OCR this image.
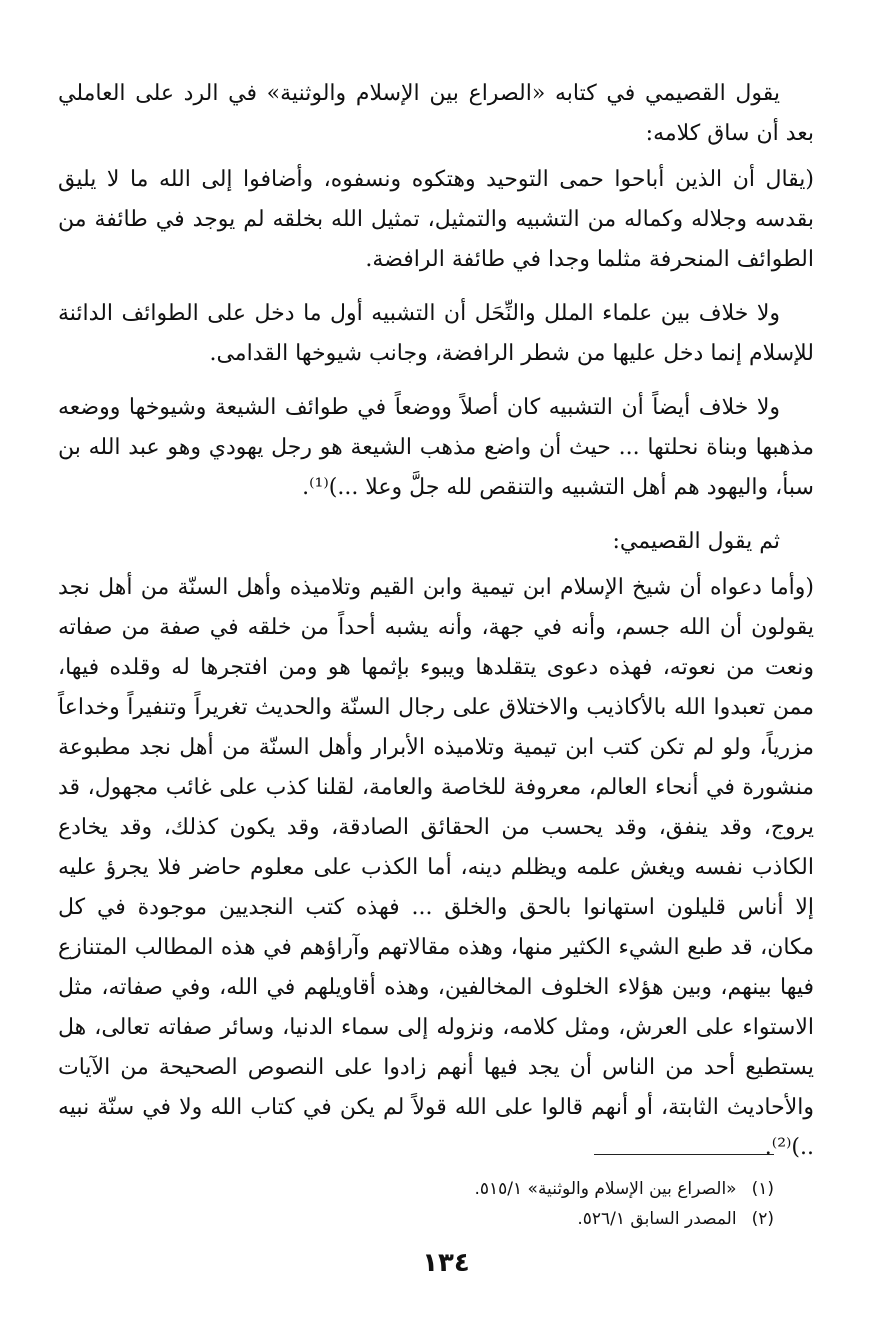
يقول القصيمي في كتابه «الصراع بين الإسلام والوثنية» في الرد على العاملي بعد أن ساق كلامه:

(يقال أن الذين أباحوا حمى التوحيد وهتكوه ونسفوه، وأضافوا إلى الله ما لا يليق بقدسه وجلاله وكماله من التشبيه والتمثيل، تمثيل الله بخلقه لم يوجد في طائفة من الطوائف المنحرفة مثلما وجدا في طائفة الرافضة.

ولا خلاف بين علماء الملل والنِّحَل أن التشبيه أول ما دخل على الطوائف الدائنة للإسلام إنما دخل عليها من شطر الرافضة، وجانب شيوخها القدامى.

ولا خلاف أيضاً أن التشبيه كان أصلاً ووضعاً في طوائف الشيعة وشيوخها ووضعه مذهبها وبناة نحلتها ... حيث أن واضع مذهب الشيعة هو رجل يهودي وهو عبد الله بن سبأ، واليهود هم أهل التشبيه والتنقص لله جلَّ وعلا ...)⁽¹⁾.

ثم يقول القصيمي:

(وأما دعواه أن شيخ الإسلام ابن تيمية وابن القيم وتلاميذه وأهل السنّة من أهل نجد يقولون أن الله جسم، وأنه في جهة، وأنه يشبه أحداً من خلقه في صفة من صفاته ونعت من نعوته، فهذه دعوى يتقلدها ويبوء بإثمها هو ومن افتجرها له وقلده فيها، ممن تعبدوا الله بالأكاذيب والاختلاق على رجال السنّة والحديث تغريراً وتنفيراً وخداعاً مزرياً، ولو لم تكن كتب ابن تيمية وتلاميذه الأبرار وأهل السنّة من أهل نجد مطبوعة منشورة في أنحاء العالم، معروفة للخاصة والعامة، لقلنا كذب على غائب مجهول، قد يروج، وقد ينفق، وقد يحسب من الحقائق الصادقة، وقد يكون كذلك، وقد يخادع الكاذب نفسه ويغش علمه ويظلم دينه، أما الكذب على معلوم حاضر فلا يجرؤ عليه إلا أناس قليلون استهانوا بالحق والخلق ... فهذه كتب النجديين موجودة في كل مكان، قد طبع الشيء الكثير منها، وهذه مقالاتهم وآراؤهم في هذه المطالب المتنازع فيها بينهم، وبين هؤلاء الخلوف المخالفين، وهذه أقاويلهم في الله، وفي صفاته، مثل الاستواء على العرش، ومثل كلامه، ونزوله إلى سماء الدنيا، وسائر صفاته تعالى، هل يستطيع أحد من الناس أن يجد فيها أنهم زادوا على النصوص الصحيحة من الآيات والأحاديث الثابتة، أو أنهم قالوا على الله قولاً لم يكن في كتاب الله ولا في سنّة نبيه ..)⁽²⁾.

(١) «الصراع بين الإسلام والوثنية» ٥١٥/١.
(٢) المصدر السابق ٥٢٦/١.
١٣٤
